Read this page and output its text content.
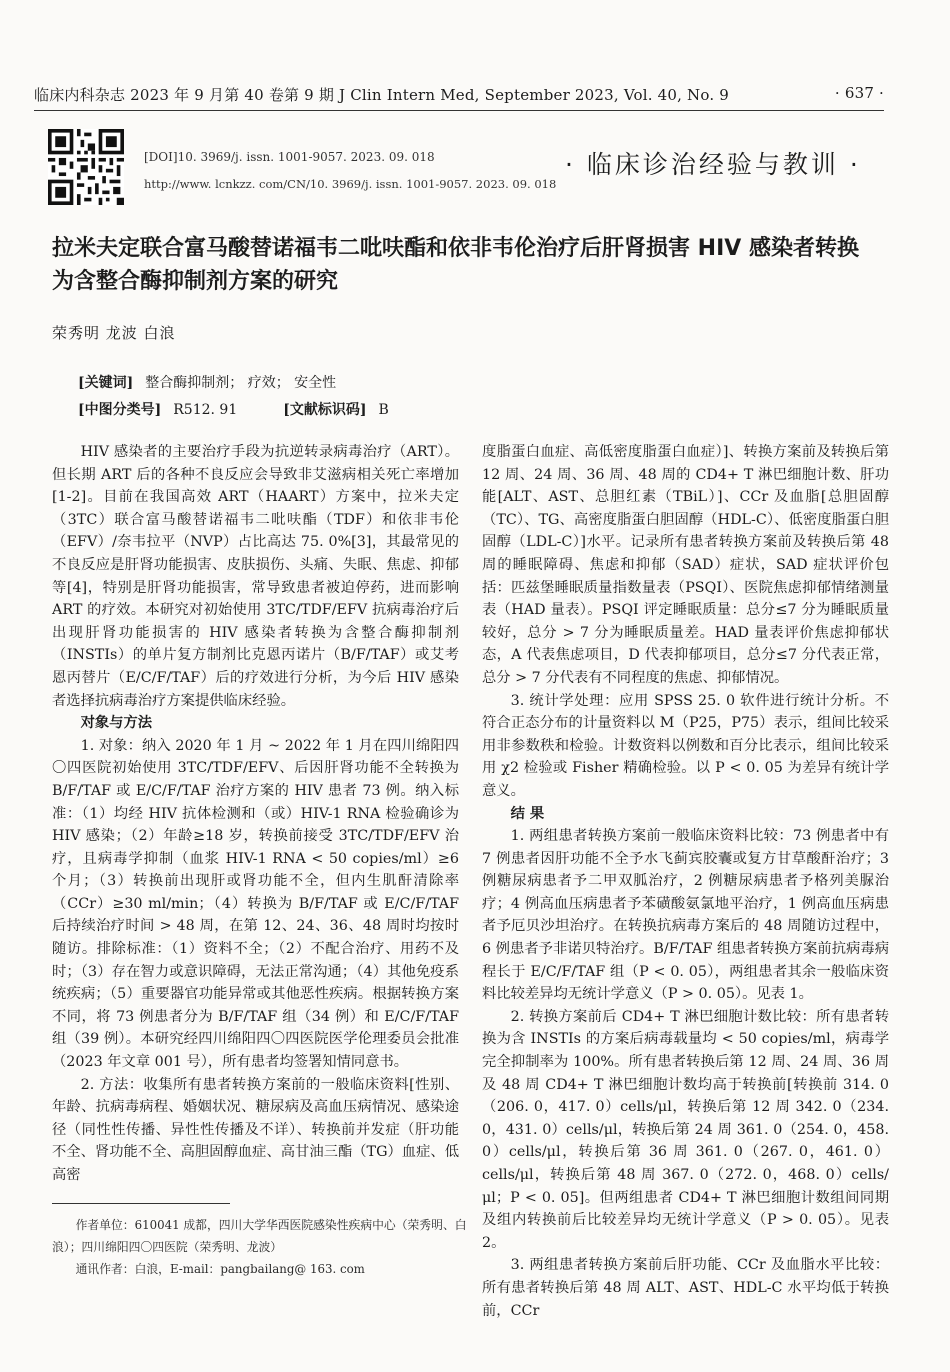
临床内科杂志 2023 年 9 月第 40 卷第 9 期 J Clin Intern Med, September 2023, Vol. 40, No. 9	· 637 ·
[DOI]10. 3969/j. issn. 1001-9057. 2023. 09. 018
http://www. lcnkzz. com/CN/10. 3969/j. issn. 1001-9057. 2023. 09. 018
· 临床诊治经验与教训 ·
拉米夫定联合富马酸替诺福韦二吡呋酯和依非韦伦治疗后肝肾损害 HIV 感染者转换为含整合酶抑制剂方案的研究
荣秀明 龙波 白浪
[关键词] 整合酶抑制剂； 疗效； 安全性
[中图分类号] R512. 91	[文献标识码] B

HIV 感染者的主要治疗手段为抗逆转录病毒治疗（ART）。但长期 ART 后的各种不良反应会导致非艾滋病相关死亡率增加[1-2]。目前在我国高效 ART（HAART）方案中，拉米夫定（3TC）联合富马酸替诺福韦二吡呋酯（TDF）和依非韦伦（EFV）/奈韦拉平（NVP）占比高达 75. 0%[3]，其最常见的不良反应是肝肾功能损害、皮肤损伤、头痛、失眠、焦虑、抑郁等[4]，特别是肝肾功能损害，常导致患者被迫停药，进而影响 ART 的疗效。本研究对初始使用 3TC/TDF/EFV 抗病毒治疗后出现肝肾功能损害的 HIV 感染者转换为含整合酶抑制剂（INSTIs）的单片复方制剂比克恩丙诺片（B/F/TAF）或艾考恩丙替片（E/C/F/TAF）后的疗效进行分析，为今后 HIV 感染者选择抗病毒治疗方案提供临床经验。

对象与方法

1. 对象：纳入 2020 年 1 月 ~ 2022 年 1 月在四川绵阳四〇四医院初始使用 3TC/TDF/EFV、后因肝肾功能不全转换为 B/F/TAF 或 E/C/F/TAF 治疗方案的 HIV 患者 73 例。纳入标准：（1）均经 HIV 抗体检测和（或）HIV-1 RNA 检验确诊为 HIV 感染；（2）年龄≥18 岁，转换前接受 3TC/TDF/EFV 治疗，且病毒学抑制（血浆 HIV-1 RNA < 50 copies/ml）≥6 个月；（3）转换前出现肝或肾功能不全，但内生肌酐清除率（CCr）≥30 ml/min；（4）转换为 B/F/TAF 或 E/C/F/TAF 后持续治疗时间 > 48 周，在第 12、24、36、48 周时均按时随访。排除标准：（1）资料不全；（2）不配合治疗、用药不及时；（3）存在智力或意识障碍，无法正常沟通；（4）其他免疫系统疾病；（5）重要器官功能异常或其他恶性疾病。根据转换方案不同，将 73 例患者分为 B/F/TAF 组（34 例）和 E/C/F/TAF 组（39 例）。本研究经四川绵阳四〇四医院医学伦理委员会批准（2023 年文章 001 号），所有患者均签署知情同意书。

2. 方法：收集所有患者转换方案前的一般临床资料[性别、年龄、抗病毒病程、婚姻状况、糖尿病及高血压病情况、感染途径（同性性传播、异性性传播及不详）、转换前并发症（肝功能不全、肾功能不全、高胆固醇血症、高甘油三酯（TG）血症、低高密

作者单位：610041 成都，四川大学华西医院感染性疾病中心（荣秀明、白浪）；四川绵阳四〇四医院（荣秀明、龙波）

通讯作者：白浪，E-mail：pangbailang@ 163. com

度脂蛋白血症、高低密度脂蛋白血症）]、转换方案前及转换后第 12 周、24 周、36 周、48 周的 CD4+ T 淋巴细胞计数、肝功能[ALT、AST、总胆红素（TBiL）]、CCr 及血脂[总胆固醇（TC）、TG、高密度脂蛋白胆固醇（HDL-C）、低密度脂蛋白胆固醇（LDL-C）]水平。记录所有患者转换方案前及转换后第 48 周的睡眠障碍、焦虑和抑郁（SAD）症状，SAD 症状评价包括：匹兹堡睡眠质量指数量表（PSQI）、医院焦虑抑郁情绪测量表（HAD 量表）。PSQI 评定睡眠质量：总分≤7 分为睡眠质量较好，总分 > 7 分为睡眠质量差。HAD 量表评价焦虑抑郁状态，A 代表焦虑项目，D 代表抑郁项目，总分≤7 分代表正常，总分 > 7 分代表有不同程度的焦虑、抑郁情况。

3. 统计学处理：应用 SPSS 25. 0 软件进行统计分析。不符合正态分布的计量资料以 M（P25，P75）表示，组间比较采用非参数秩和检验。计数资料以例数和百分比表示，组间比较采用 χ2 检验或 Fisher 精确检验。以 P < 0. 05 为差异有统计学意义。

结 果

1. 两组患者转换方案前一般临床资料比较：73 例患者中有 7 例患者因肝功能不全予水飞蓟宾胶囊或复方甘草酸酐治疗；3 例糖尿病患者予二甲双胍治疗，2 例糖尿病患者予格列美脲治疗；4 例高血压病患者予苯磺酸氨氯地平治疗，1 例高血压病患者予厄贝沙坦治疗。在转换抗病毒方案后的 48 周随访过程中，6 例患者予非诺贝特治疗。B/F/TAF 组患者转换方案前抗病毒病程长于 E/C/F/TAF 组（P < 0. 05），两组患者其余一般临床资料比较差异均无统计学意义（P > 0. 05）。见表 1。

2. 转换方案前后 CD4+ T 淋巴细胞计数比较：所有患者转换为含 INSTIs 的方案后病毒载量均 < 50 copies/ml，病毒学完全抑制率为 100%。所有患者转换后第 12 周、24 周、36 周及 48 周 CD4+ T 淋巴细胞计数均高于转换前[转换前 314. 0（206. 0，417. 0）cells/μl，转换后第 12 周 342. 0（234. 0，431. 0）cells/μl，转换后第 24 周 361. 0（254. 0，458. 0）cells/μl，转换后第 36 周 361. 0（267. 0，461. 0）cells/μl，转换后第 48 周 367. 0（272. 0，468. 0）cells/μl；P < 0. 05]。但两组患者 CD4+ T 淋巴细胞计数组间同期及组内转换前后比较差异均无统计学意义（P > 0. 05）。见表 2。

3. 两组患者转换方案前后肝功能、CCr 及血脂水平比较：所有患者转换后第 48 周 ALT、AST、HDL-C 水平均低于转换前，CCr
